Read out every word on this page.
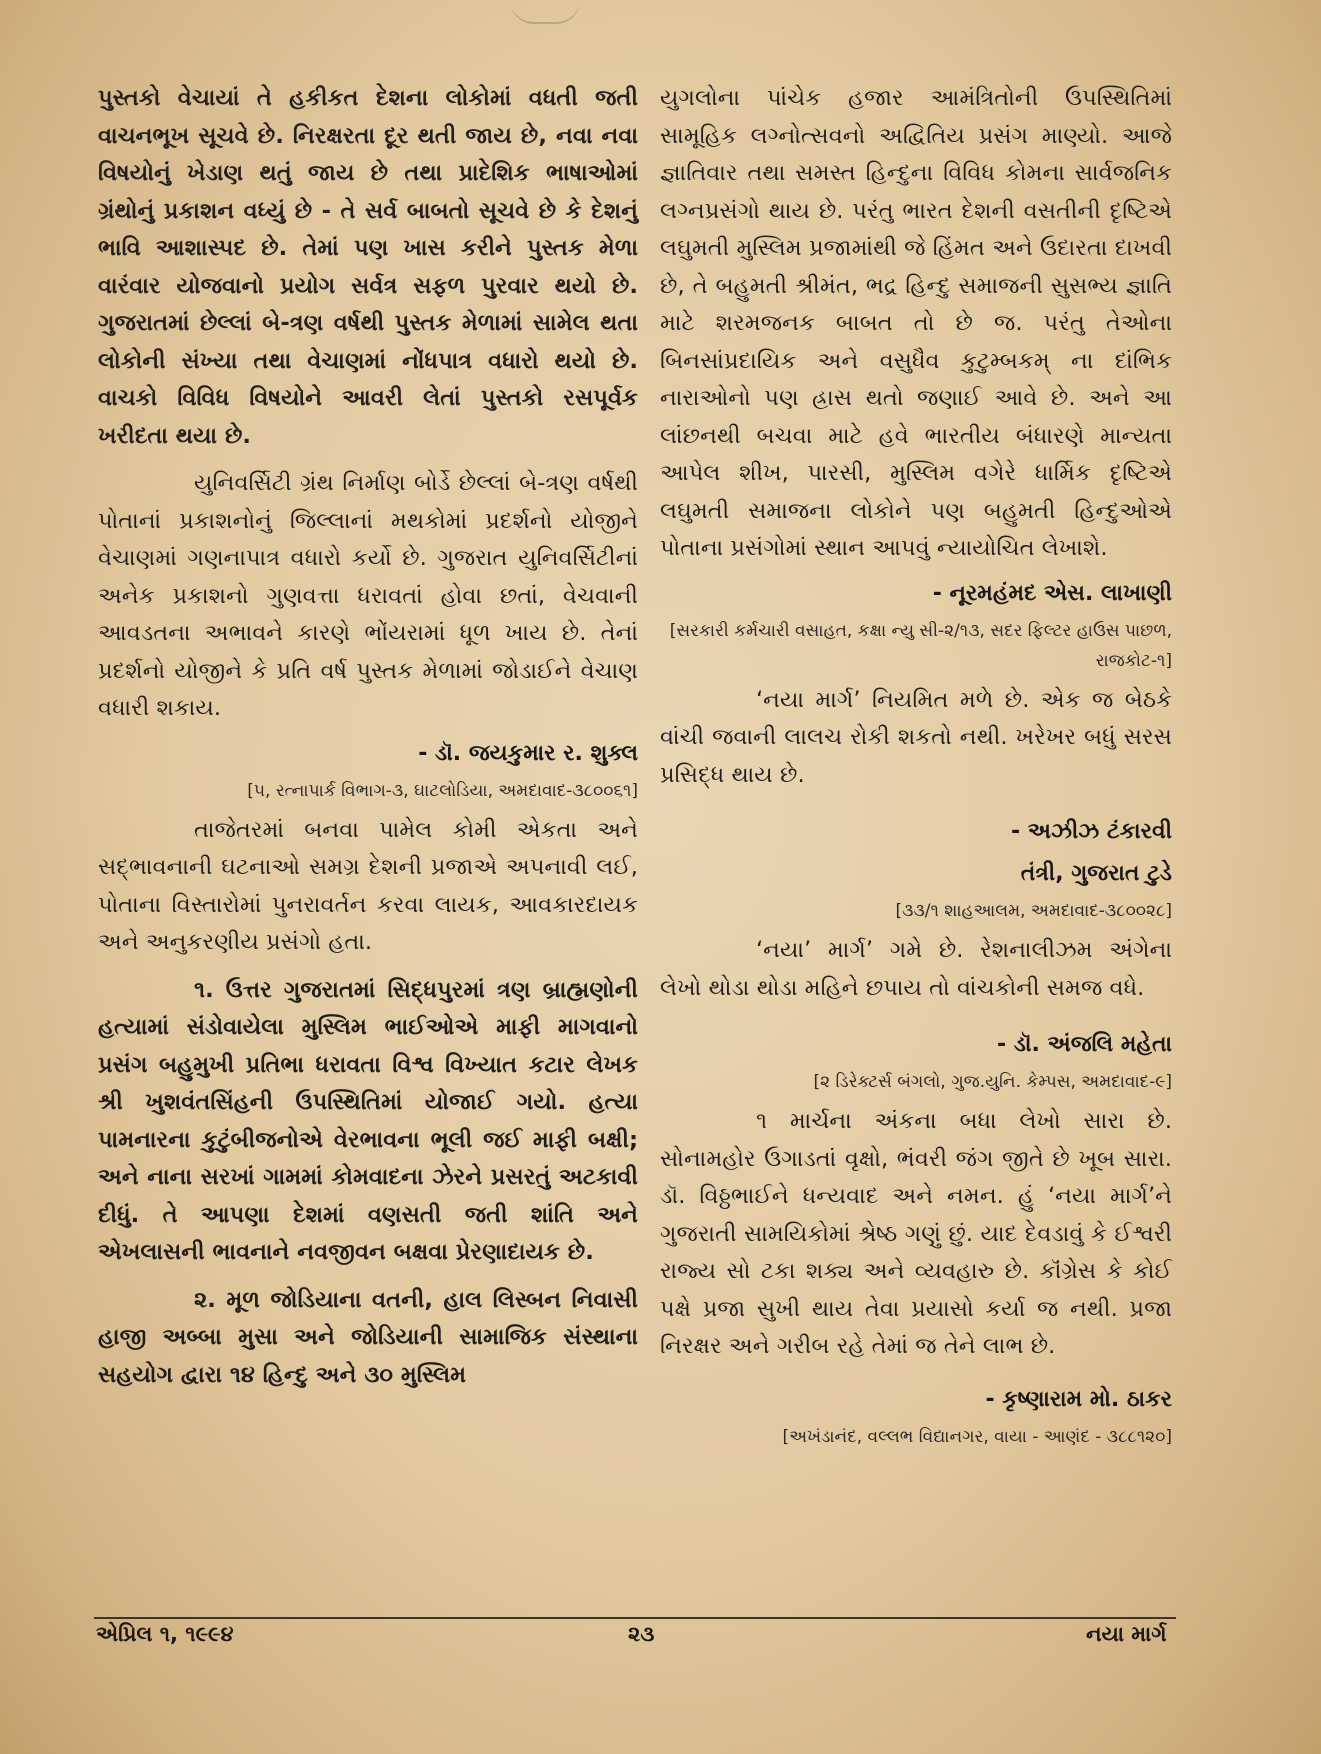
પુસ્તકો વેચાયાં તે હકીકત દેશના લોકોમાં વધતી જતી વાચનભૂખ સૂચવે છે. નિરક્ષરતા દૂર થતી જાય છે, નવા નવા વિષયોનું ખેડાણ થતું જાય છે તથા પ્રાદેશિક ભાષાઓમાં ગ્રંથોનું પ્રકાશન વધ્યું છે - તે સર્વ બાબતો સૂચવે છે કે દેશનું ભાવિ આશાસ્પદ છે. તેમાં પણ ખાસ કરીને પુસ્તક મેળા વારંવાર યોજવાનો પ્રયોગ સર્વત્ર સફળ પુરવાર થયો છે. ગુજરાતમાં છેલ્લાં બે-ત્રણ વર્ષથી પુસ્તક મેળામાં સામેલ થતા લોકોની સંખ્યા તથા વેચાણમાં નોંધપાત્ર વધારો થયો છે. વાચકો વિવિધ વિષયોને આવરી લેતાં પુસ્તકો રસપૂર્વક ખરીદતા થયા છે.

યુનિવર્સિટી ગ્રંથ નિર્માણ બોર્ડે છેલ્લાં બે-ત્રણ વર્ષથી પોતાનાં પ્રકાશનોનું જિલ્લાનાં મથકોમાં પ્રદર્શનો યોજીને વેચાણમાં ગણનાપાત્ર વધારો કર્યો છે. ગુજરાત યુનિવર્સિટીનાં અનેક પ્રકાશનો ગુણવત્તા ધરાવતાં હોવા છતાં, વેચવાની આવડતના અભાવને કારણે ભોંયરામાં ધૂળ ખાય છે. તેનાં પ્રદર્શનો યોજીને કે પ્રતિ વર્ષ પુસ્તક મેળામાં જોડાઈને વેચાણ વધારી શકાય.

- ડૉ. જયકુમાર ર. શુક્લ

[૫, રત્નાપાર્ક વિભાગ-૩, ઘાટલોડિયા, અમદાવાદ-૩૮૦૦૬૧]

તાજેતરમાં બનવા પામેલ કોમી એકતા અને સદ્‌ભાવનાની ઘટનાઓ સમગ્ર દેશની પ્રજાએ અપનાવી લઈ, પોતાના વિસ્તારોમાં પુનરાવર્તન કરવા લાયક, આવકારદાયક અને અનુકરણીય પ્રસંગો હતા.

૧. ઉત્તર ગુજરાતમાં સિદ્ધપુરમાં ત્રણ બ્રાહ્મણોની હત્યામાં સંડોવાયેલા મુસ્લિમ ભાઈઓએ માફી માગવાનો પ્રસંગ બહુમુખી પ્રતિભા ધરાવતા વિશ્વ વિખ્યાત કટાર લેખક શ્રી ખુશવંતસિંહની ઉપસ્થિતિમાં યોજાઈ ગયો. હત્યા પામનારના કુટુંબીજનોએ વેરભાવના ભૂલી જઈ માફી બક્ષી; અને નાના સરખાં ગામમાં કોમવાદના ઝેરને પ્રસરતું અટકાવી દીધું. તે આપણા દેશમાં વણસતી જતી શાંતિ અને એખલાસની ભાવનાને નવજીવન બક્ષવા પ્રેરણાદાયક છે.

૨. મૂળ જોડિયાના વતની, હાલ લિસ્બન નિવાસી હાજી અબ્બા મુસા અને જોડિયાની સામાજિક સંસ્થાના સહયોગ દ્વારા ૧૪ હિન્દુ અને ૩૦ મુસ્લિમ

યુગલોના પાંચેક હજાર આમંત્રિતોની ઉપસ્થિતિમાં સામૂહિક લગ્નોત્સવનો અદ્વિતિય પ્રસંગ માણ્યો. આજે જ્ઞાતિવાર તથા સમસ્ત હિન્દુના વિવિધ કોમના સાર્વજનિક લગ્નપ્રસંગો થાય છે. પરંતુ ભારત દેશની વસતીની દૃષ્ટિએ લઘુમતી મુસ્લિમ પ્રજામાંથી જે હિંમત અને ઉદારતા દાખવી છે, તે બહુમતી શ્રીમંત, ભદ્ર હિન્દુ સમાજની સુસભ્ય જ્ઞાતિ માટે શરમજનક બાબત તો છે જ. પરંતુ તેઓના બિનસાંપ્રદાયિક અને વસુધૈવ કુટુમ્બકમ્ ના દાંભિક નારાઓનો પણ હ્રાસ થતો જણાઈ આવે છે. અને આ લાંછનથી બચવા માટે હવે ભારતીય બંધારણે માન્યતા આપેલ શીખ, પારસી, મુસ્લિમ વગેરે ધાર્મિક દૃષ્ટિએ લઘુમતી સમાજના લોકોને પણ બહુમતી હિન્દુઓએ પોતાના પ્રસંગોમાં સ્થાન આપવું ન્યાયોચિત લેખાશે.

- નૂરમહંમદ એસ. લાખાણી

[સરકારી કર્મચારી વસાહત, કક્ષા ન્યુ સી-૨/૧૩, સદર ફિલ્ટર હાઉસ પાછળ, રાજકોટ-૧]

‘નયા માર્ગ’ નિયમિત મળે છે. એક જ બેઠકે વાંચી જવાની લાલચ રોકી શકતો નથી. ખરેખર બધું સરસ પ્રસિદ્ધ થાય છે.

- અઝીઝ ટંકારવી

તંત્રી, ગુજરાત ટુડે

[૩૩/૧ શાહઆલમ, અમદાવાદ-૩૮૦૦૨૮]

‘નયા’ માર્ગ’ ગમે છે. રેશનાલીઝમ અંગેના લેખો થોડા થોડા મહિને છપાય તો વાંચકોની સમજ વધે.

- ડૉ. અંજલિ મહેતા

[૨ ડિરેક્ટર્સ બંગલો, ગુજ.યુનિ. કેમ્પસ, અમદાવાદ-૯]

૧ માર્ચના અંકના બધા લેખો સારા છે. સોનામહોર ઉગાડતાં વૃક્ષો, ભંવરી જંગ જીતે છે ખૂબ સારા. ડૉ. વિઠ્ઠભાઈને ધન્યવાદ અને નમન. હું ‘નયા માર્ગ’ને ગુજરાતી સામયિકોમાં શ્રેષ્ઠ ગણું છું. યાદ દેવડાવું કે ઈશ્વરી રાજ્ય સો ટકા શક્ય અને વ્યવહારુ છે. કૉંગ્રેસ કે કોઈ પક્ષે પ્રજા સુખી થાય તેવા પ્રયાસો કર્યા જ નથી. પ્રજા નિરક્ષર અને ગરીબ રહે તેમાં જ તેને લાભ છે.

- કૃષ્ણારામ મો. ઠાકર

[અખંડાનંદ, વલ્લભ વિદ્યાનગર, વાયા - આણંદ - ૩૮૮૧૨૦]

એપ્રિલ ૧, ૧૯૯૪	૨૩	નયા માર્ગ
